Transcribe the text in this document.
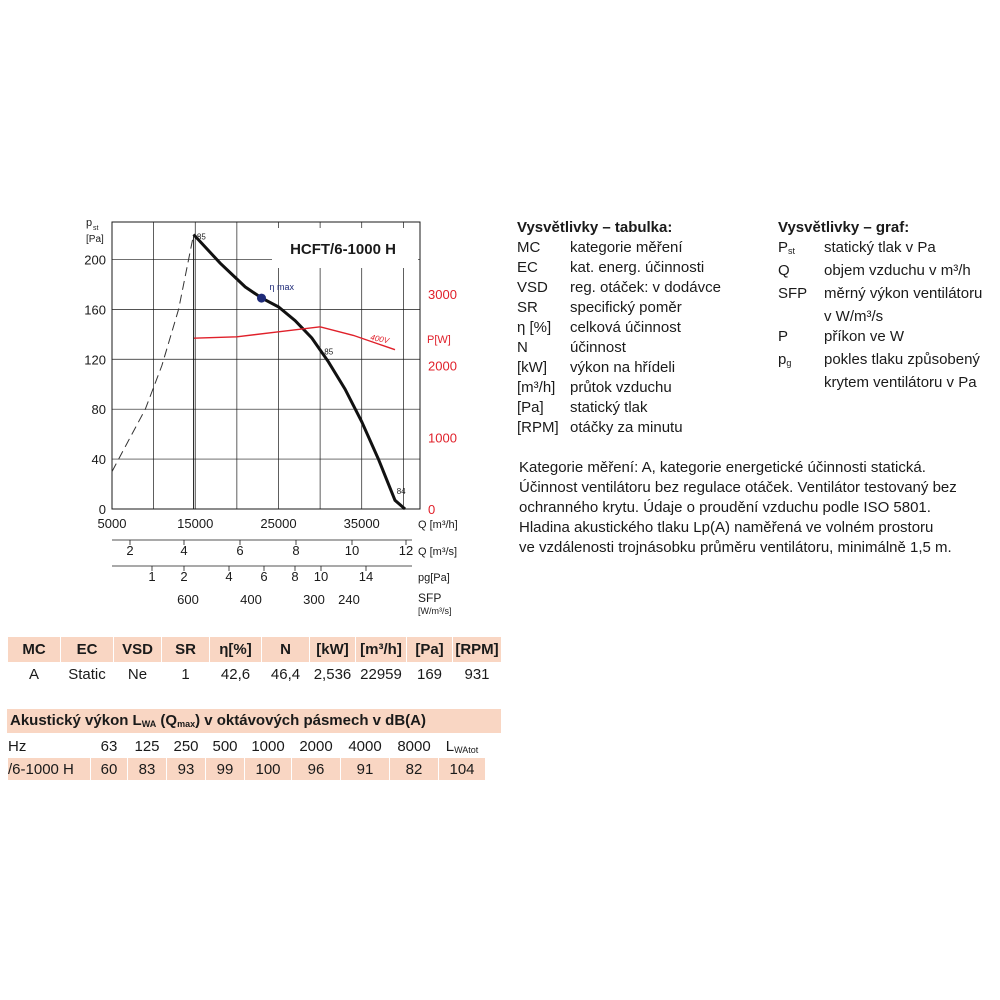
0
40
80
120
160
200
p st
[Pa]
0
1000
2000
3000
P[W]
5000	15000	25000	35000	Q [m³/h]
2	4	6	8	10	12 Q [m³/s]
1 2	4 6 8 10 14	pg[Pa]
600	400	300 240	SFP
[W/m³/s]
85
η max
85
84
400V
HCFT/6-1000 H
Vysvětlivky – tabulka:
MC	kategorie měření
EC	kat. energ. účinnosti
VSD	reg. otáček: v dodávce
SR	specifický poměr
η [%]	celková účinnost
N	účinnost
[kW]	výkon na hřídeli
[m³/h] průtok vzduchu
[Pa]	statický tlak
[RPM] otáčky za minutu
Vysvětlivky – graf:
$P_{st}$	statický tlak v Pa
Q	objem vzduchu v m³/h
SFP	měrný výkon ventilátoru
v W/m³/s
P	příkon ve W
$p_g$	pokles tlaku způsobený
krytem ventilátoru v Pa
Kategorie měření: A, kategorie energetické účinnosti statická.
Účinnost ventilátoru bez regulace otáček. Ventilátor testovaný bez
ochranného krytu. Údaje o proudění vzduchu podle ISO 5801.
Hladina akustického tlaku Lp(A) naměřená ve volném prostoru
ve vzdálenosti trojnásobku průměru ventilátoru, minimálně 1,5 m.
MC	EC	VSD	SR	η[%]	N	[kW]	[m³/h]	[Pa]	[RPM]
A	Static	Ne	1	42,6	46,4	2,536	22959	169	931
Akustický výkon $L_{WA}$ $(Q_{max})$ v oktávových pásmech v dB(A)
Hz	63	125	250	500	1000	2000	4000	8000	$L_{WAtot}$
/6-1000 H	60	83	93	99	100	96	91	82	104
